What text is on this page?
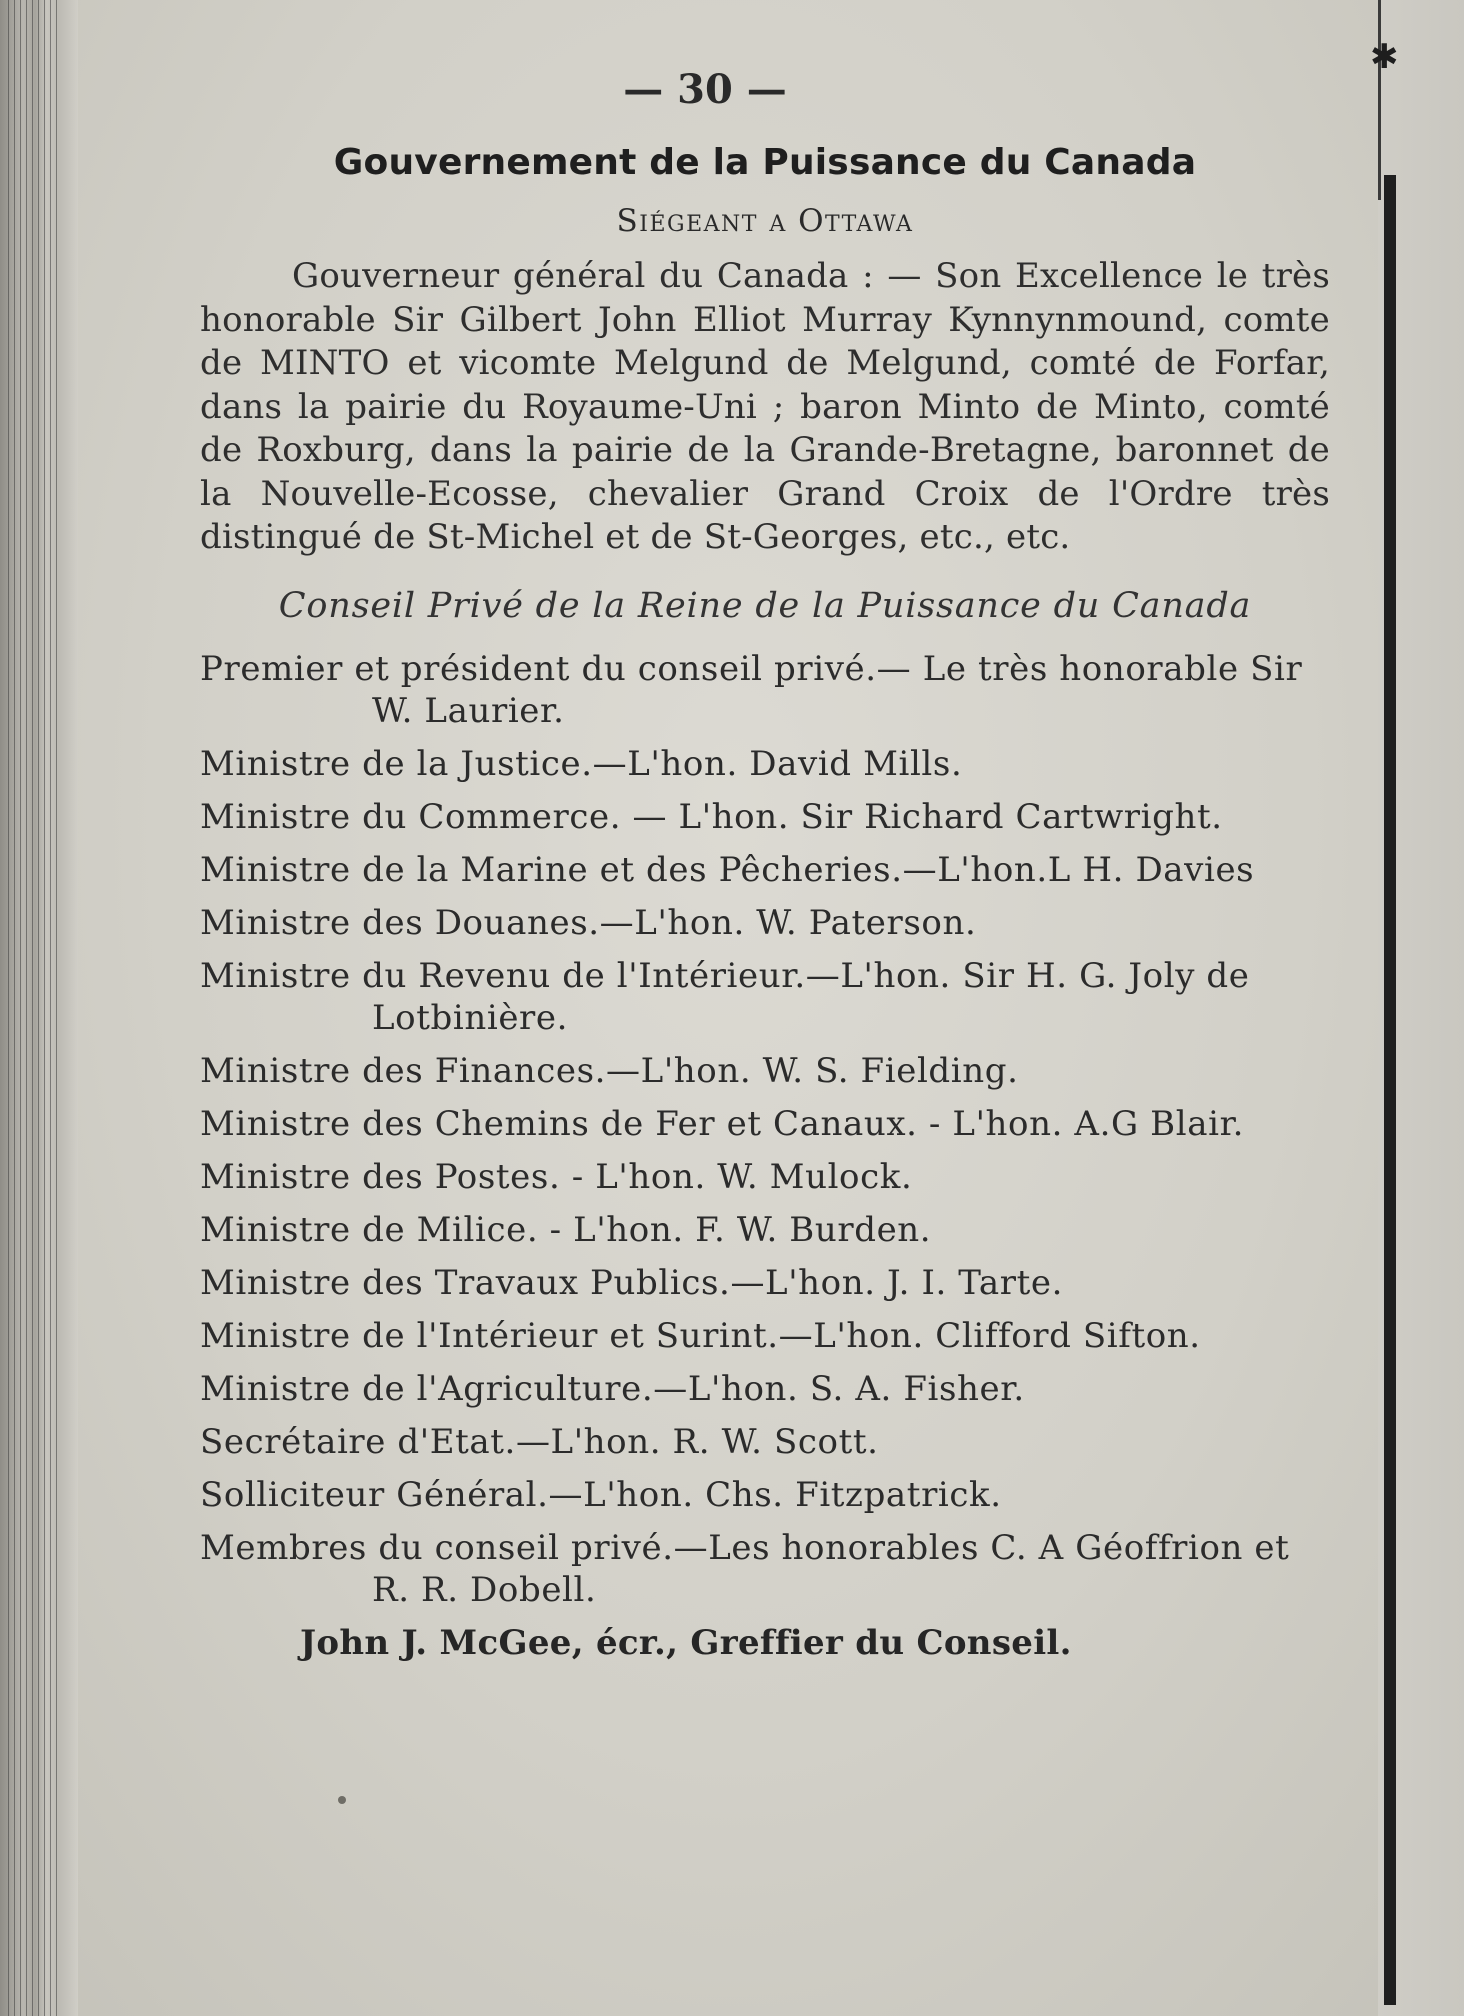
✱
— 30 —
Gouvernement de la Puissance du Canada
Siégeant a Ottawa
Gouverneur général du Canada : — Son Excellence le très honorable Sir Gilbert John Elliot Murray Kynnynmound, comte de MINTO et vicomte Melgund de Melgund, comté de Forfar, dans la pairie du Royaume-Uni ; baron Minto de Minto, comté de Roxburg, dans la pairie de la Grande-Bretagne, baronnet de la Nouvelle-Ecosse, chevalier Grand Croix de l'Ordre très distingué de St-Michel et de St-Georges, etc., etc.
Conseil Privé de la Reine de la Puissance du Canada
Premier et président du conseil privé.— Le très honorable Sir W. Laurier.
Ministre de la Justice.—L'hon. David Mills.
Ministre du Commerce. — L'hon. Sir Richard Cartwright.
Ministre de la Marine et des Pêcheries.—L'hon.L H. Davies
Ministre des Douanes.—L'hon. W. Paterson.
Ministre du Revenu de l'Intérieur.—L'hon. Sir H. G. Joly de Lotbinière.
Ministre des Finances.—L'hon. W. S. Fielding.
Ministre des Chemins de Fer et Canaux. - L'hon. A.G Blair.
Ministre des Postes. - L'hon. W. Mulock.
Ministre de Milice. - L'hon. F. W. Burden.
Ministre des Travaux Publics.—L'hon. J. I. Tarte.
Ministre de l'Intérieur et Surint.—L'hon. Clifford Sifton.
Ministre de l'Agriculture.—L'hon. S. A. Fisher.
Secrétaire d'Etat.—L'hon. R. W. Scott.
Solliciteur Général.—L'hon. Chs. Fitzpatrick.
Membres du conseil privé.—Les honorables C. A Géoffrion et R. R. Dobell.
John J. McGee, écr., Greffier du Conseil.
